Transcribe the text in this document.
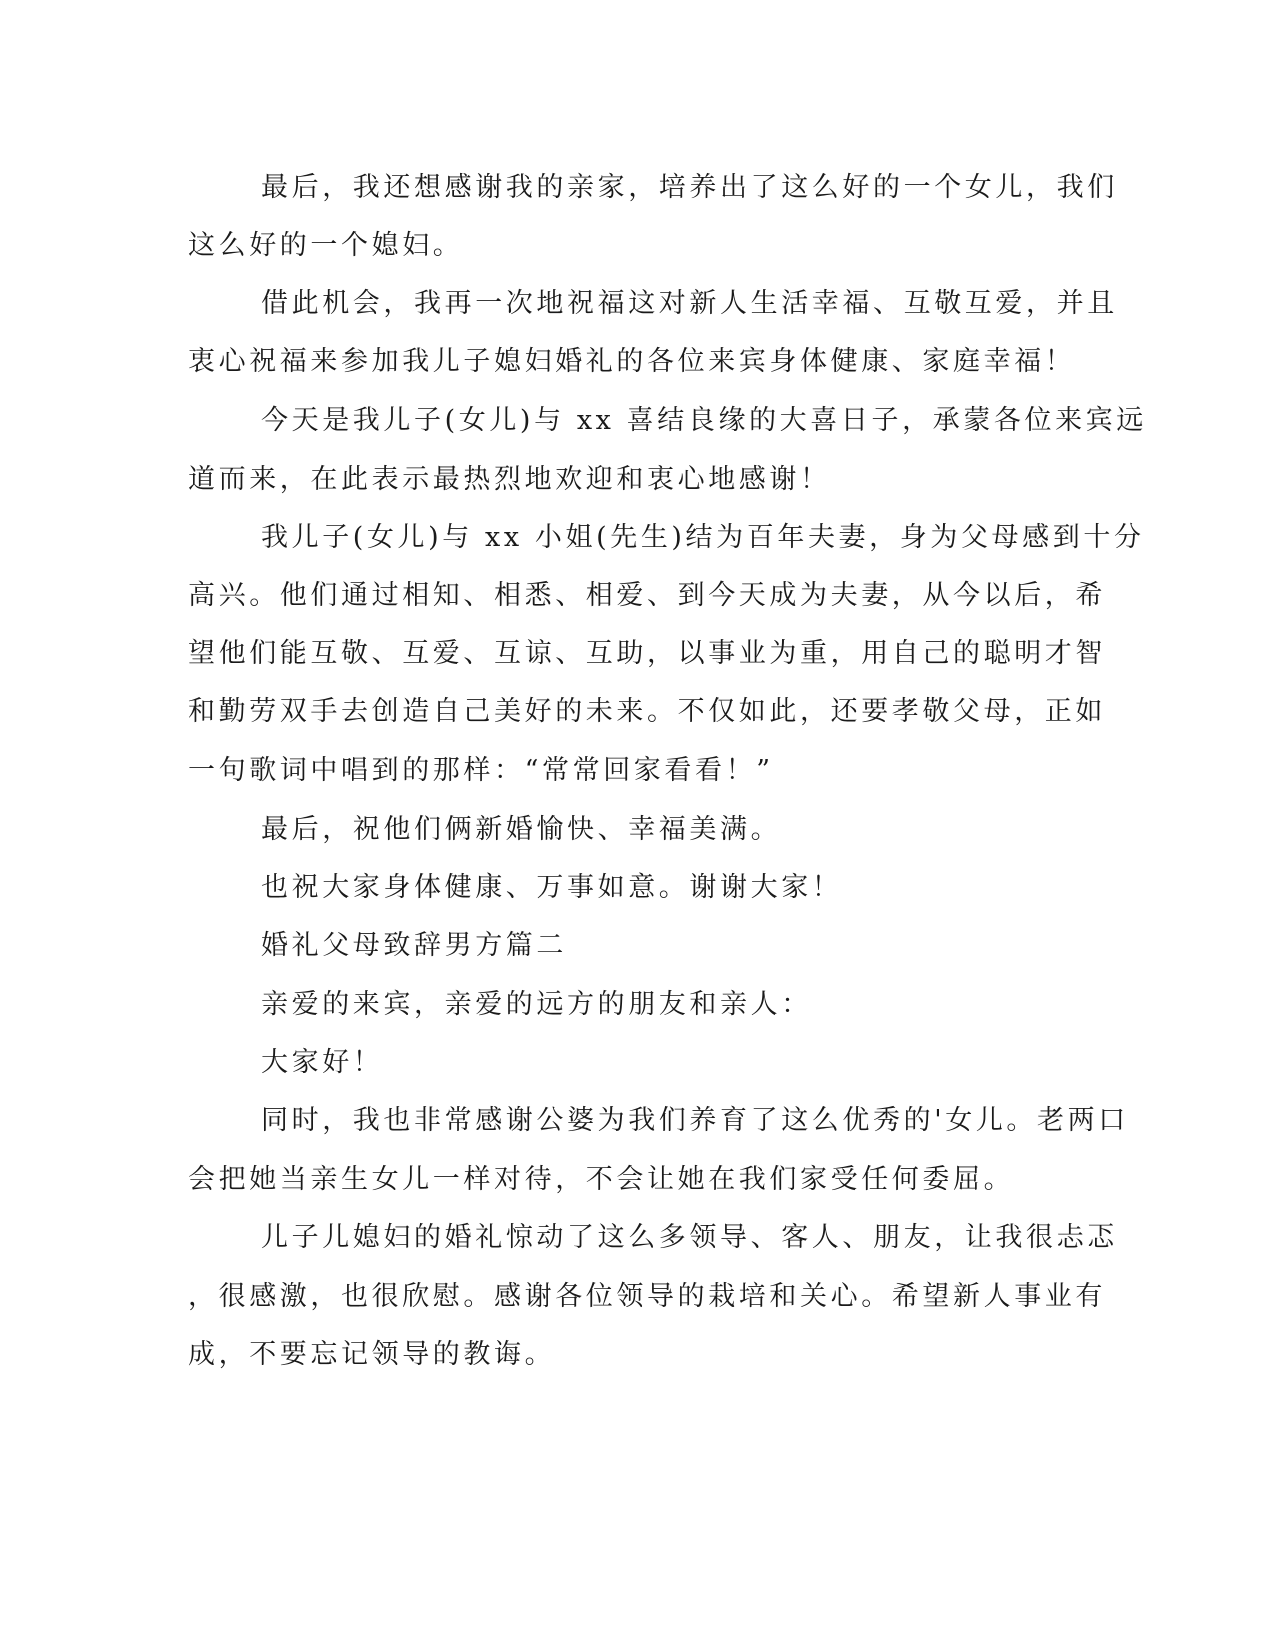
最后，我还想感谢我的亲家，培养出了这么好的一个女儿，我们
这么好的一个媳妇。
借此机会，我再一次地祝福这对新人生活幸福、互敬互爱，并且
衷心祝福来参加我儿子媳妇婚礼的各位来宾身体健康、家庭幸福！
今天是我儿子(女儿)与 xx 喜结良缘的大喜日子，承蒙各位来宾远
道而来，在此表示最热烈地欢迎和衷心地感谢！
我儿子(女儿)与 xx 小姐(先生)结为百年夫妻，身为父母感到十分
高兴。他们通过相知、相悉、相爱、到今天成为夫妻，从今以后，希
望他们能互敬、互爱、互谅、互助，以事业为重，用自己的聪明才智
和勤劳双手去创造自己美好的未来。不仅如此，还要孝敬父母，正如
一句歌词中唱到的那样：“常常回家看看！”
最后，祝他们俩新婚愉快、幸福美满。
也祝大家身体健康、万事如意。谢谢大家！
婚礼父母致辞男方篇二
亲爱的来宾，亲爱的远方的朋友和亲人：
大家好！
同时，我也非常感谢公婆为我们养育了这么优秀的'女儿。老两口
会把她当亲生女儿一样对待，不会让她在我们家受任何委屈。
儿子儿媳妇的婚礼惊动了这么多领导、客人、朋友，让我很忐忑
，很感激，也很欣慰。感谢各位领导的栽培和关心。希望新人事业有
成，不要忘记领导的教诲。
